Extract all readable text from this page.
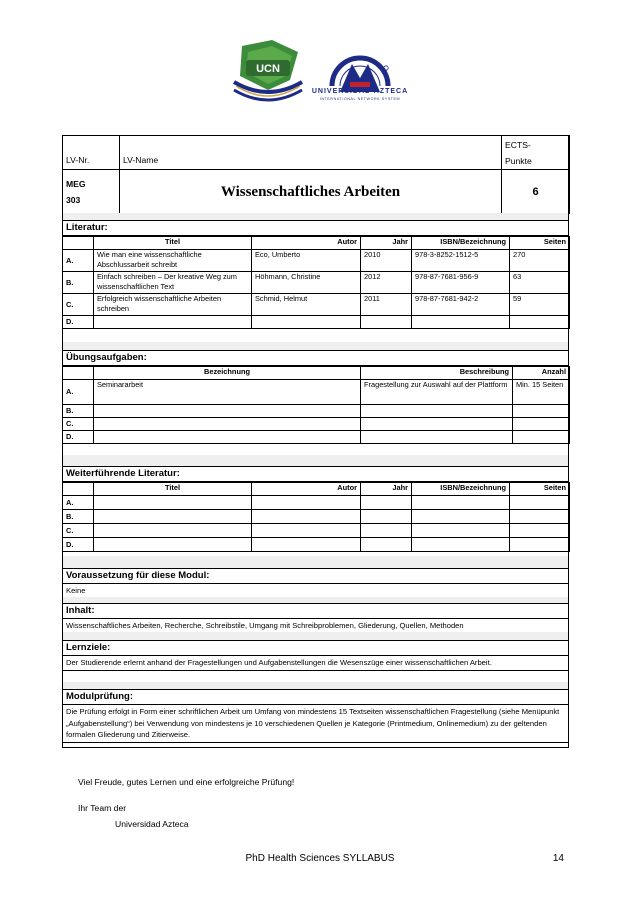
UCN
UNIVERSIDAD AZTECA
INTERNATIONAL NETWORK SYSTEM
LV-Nr.	LV-Name	ECTS-
Punkte
MEG
303	Wissenschaftliches Arbeiten	6
Literatur:
	Titel	Autor	Jahr	ISBN/Bezeichnung	Seiten
A.	Wie man eine wissenschaftliche Abschlussarbeit schreibt	Eco, Umberto	2010	978-3-8252-1512-5	270
B.	Einfach schreiben – Der kreative Weg zum wissenschaftlichen Text	Höhmann, Christine	2012	978-87-7681-956-9	63
C.	Erfolgreich wissenschaftliche Arbeiten schreiben	Schmid, Helmut	2011	978-87-7681-942-2	59
D.					
Übungsaufgaben:
	Bezeichnung	Beschreibung	Anzahl
A.	Seminararbeit	Fragestellung zur Auswahl auf der Plattform	Min. 15 Seiten
B.			
C.			
D.			
Weiterführende Literatur:
	Titel	Autor	Jahr	ISBN/Bezeichnung	Seiten
A.					
B.					
C.					
D.					
Voraussetzung für diese Modul:
Keine
Inhalt:
Wissenschaftliches Arbeiten, Recherche, Schreibstile, Umgang mit Schreibproblemen, Gliederung, Quellen, Methoden
Lernziele:
Der Studierende erlernt anhand der Fragestellungen und Aufgabenstellungen die Wesenszüge einer wissenschaftlichen Arbeit.
Modulprüfung:
Die Prüfung erfolgt in Form einer schriftlichen Arbeit um Umfang von mindestens 15 Textseiten wissenschaftlichen Fragestellung (siehe Menüpunkt „Aufgabenstellung“) bei Verwendung von mindestens je 10 verschiedenen Quellen je Kategorie (Printmedium, Onlinemedium) zu der geltenden formalen Gliederung und Zitierweise.
Viel Freude, gutes Lernen und eine erfolgreiche Prüfung!
Ihr Team der
Universidad Azteca
PhD Health Sciences SYLLABUS	14
